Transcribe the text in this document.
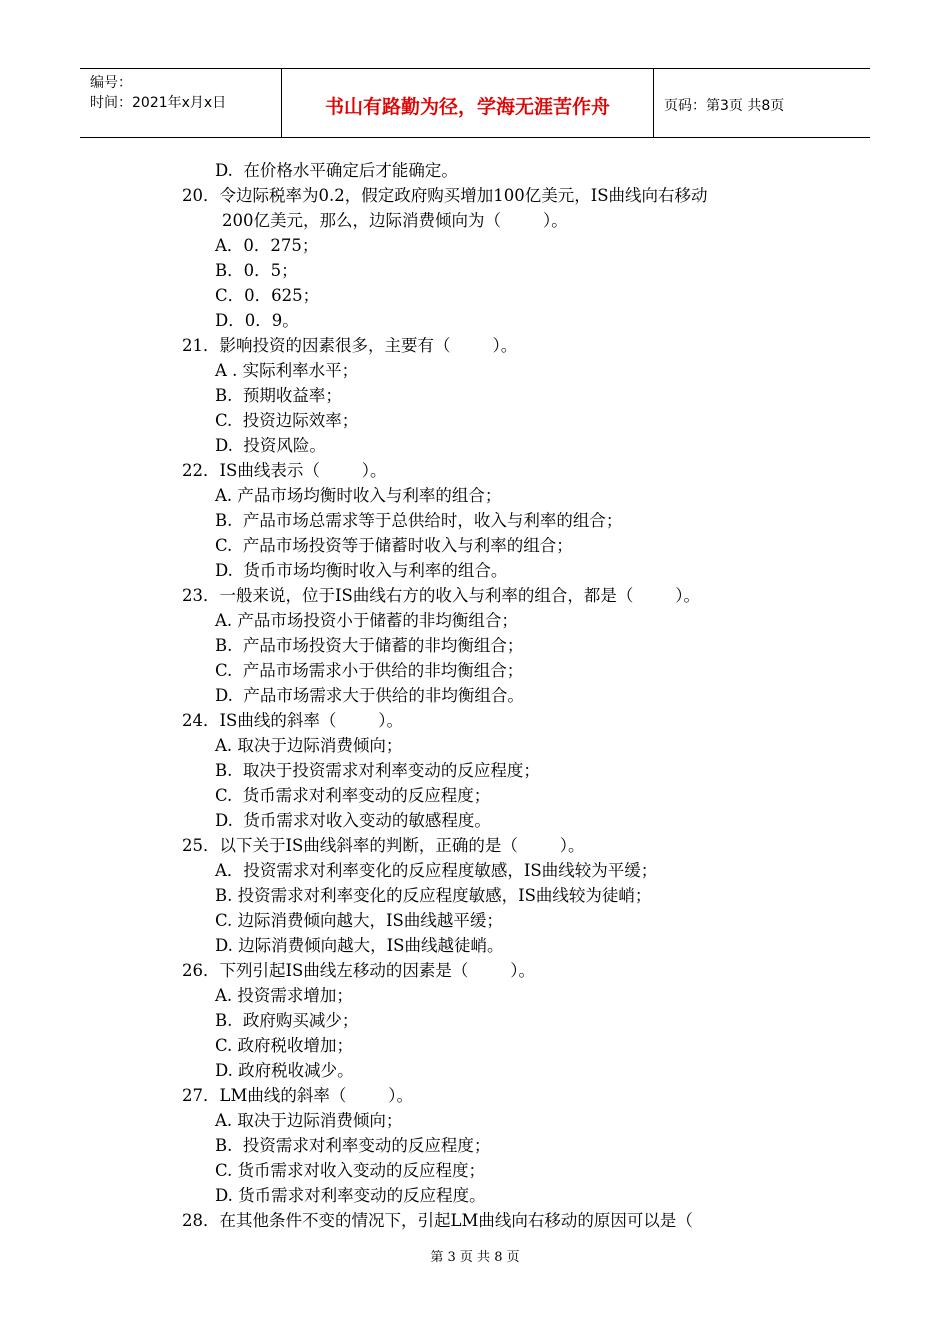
编号：
时间：2021年x月x日	书山有路勤为径，学海无涯苦作舟	页码：第3页 共8页
D.  在价格水平确定后才能确定。
20．令边际税率为0.2，假定政府购买增加100亿美元，IS曲线向右移动
200亿美元，那么，边际消费倾向为（        ）。
A．0．275；
B．0．5；
C．0．625；
D．0．9。
21．影响投资的因素很多，主要有（        ）。
A . 实际利率水平；
B.  预期收益率；
C.  投资边际效率；
D.  投资风险。
22．IS曲线表示（        ）。
A. 产品市场均衡时收入与利率的组合；
B.  产品市场总需求等于总供给时，收入与利率的组合；
C.  产品市场投资等于储蓄时收入与利率的组合；
D.  货币市场均衡时收入与利率的组合。
23．一般来说，位于IS曲线右方的收入与利率的组合，都是（        ）。
A. 产品市场投资小于储蓄的非均衡组合；
B.  产品市场投资大于储蓄的非均衡组合；
C.  产品市场需求小于供给的非均衡组合；
D.  产品市场需求大于供给的非均衡组合。
24．IS曲线的斜率（        ）。
A. 取决于边际消费倾向；
B.  取决于投资需求对利率变动的反应程度；
C.  货币需求对利率变动的反应程度；
D.  货币需求对收入变动的敏感程度。
25．以下关于IS曲线斜率的判断，正确的是（        ）。
A．投资需求对利率变化的反应程度敏感，IS曲线较为平缓；
B. 投资需求对利率变化的反应程度敏感，IS曲线较为徒峭；
C. 边际消费倾向越大，IS曲线越平缓；
D. 边际消费倾向越大，IS曲线越徒峭。
26．下列引起IS曲线左移动的因素是（        ）。
A. 投资需求增加；
B.  政府购买减少；
C. 政府税收增加；
D. 政府税收减少。
27．LM曲线的斜率（        ）。
A. 取决于边际消费倾向；
B.  投资需求对利率变动的反应程度；
C. 货币需求对收入变动的反应程度；
D. 货币需求对利率变动的反应程度。
28．在其他条件不变的情况下，引起LM曲线向右移动的原因可以是（
第 3 页 共 8 页
